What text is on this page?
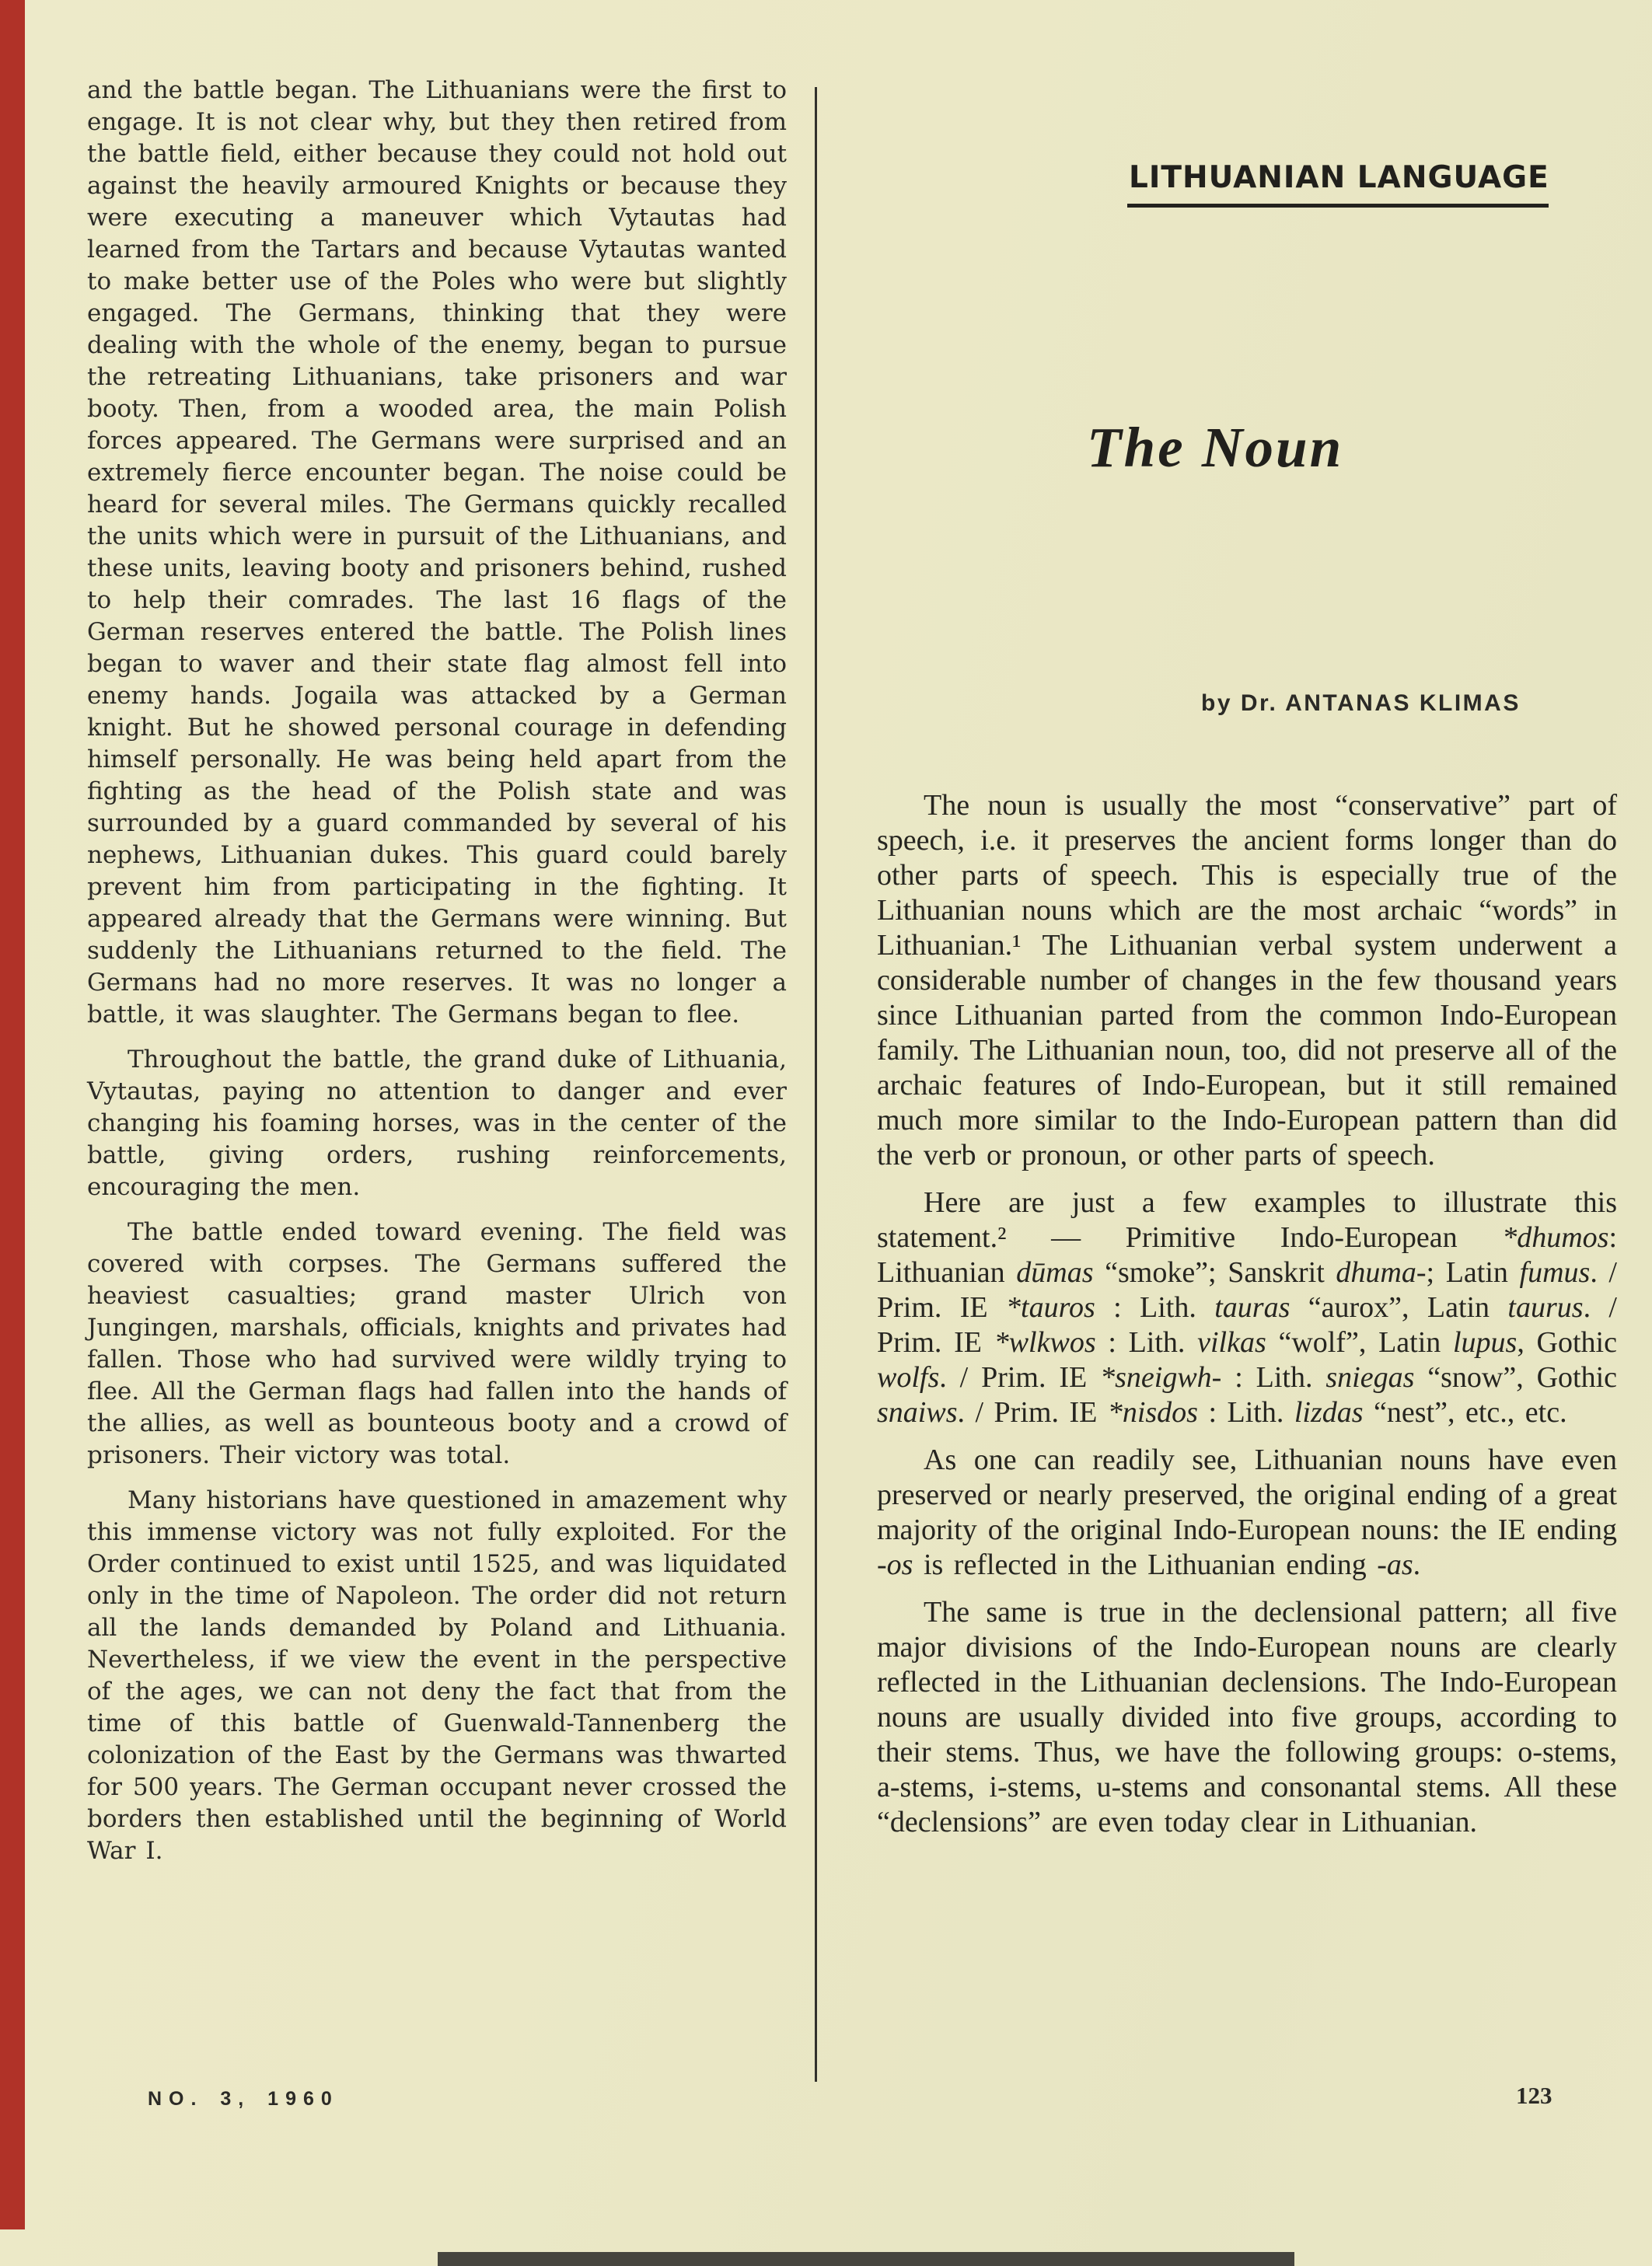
and the battle began. The Lithuanians were the first to engage. It is not clear why, but they then retired from the battle field, either because they could not hold out against the heavily armoured Knights or because they were executing a maneuver which Vytautas had learned from the Tartars and because Vytautas wanted to make better use of the Poles who were but slightly engaged. The Germans, thinking that they were dealing with the whole of the enemy, began to pursue the retreating Lithuanians, take prisoners and war booty. Then, from a wooded area, the main Polish forces appeared. The Germans were surprised and an extremely fierce encounter began. The noise could be heard for several miles. The Germans quickly recalled the units which were in pursuit of the Lithuanians, and these units, leaving booty and prisoners behind, rushed to help their comrades. The last 16 flags of the German reserves entered the battle. The Polish lines began to waver and their state flag almost fell into enemy hands. Jogaila was attacked by a German knight. But he showed personal courage in defending himself personally. He was being held apart from the fighting as the head of the Polish state and was surrounded by a guard commanded by several of his nephews, Lithuanian dukes. This guard could barely prevent him from participating in the fighting. It appeared already that the Germans were winning. But suddenly the Lithuanians returned to the field. The Germans had no more reserves. It was no longer a battle, it was slaughter. The Germans began to flee.

Throughout the battle, the grand duke of Lithuania, Vytautas, paying no attention to danger and ever changing his foaming horses, was in the center of the battle, giving orders, rushing reinforcements, encouraging the men.

The battle ended toward evening. The field was covered with corpses. The Germans suffered the heaviest casualties; grand master Ulrich von Jungingen, marshals, officials, knights and privates had fallen. Those who had survived were wildly trying to flee. All the German flags had fallen into the hands of the allies, as well as bounteous booty and a crowd of prisoners. Their victory was total.

Many historians have questioned in amazement why this immense victory was not fully exploited. For the Order continued to exist until 1525, and was liquidated only in the time of Napoleon. The order did not return all the lands demanded by Poland and Lithuania. Nevertheless, if we view the event in the perspective of the ages, we can not deny the fact that from the time of this battle of Guenwald-Tannenberg the colonization of the East by the Germans was thwarted for 500 years. The German occupant never crossed the borders then established until the beginning of World War I.

NO. 3, 1960
LITHUANIAN LANGUAGE
The Noun
by Dr. ANTANAS KLIMAS

The noun is usually the most “conservative” part of speech, i.e. it preserves the ancient forms longer than do other parts of speech. This is especially true of the Lithuanian nouns which are the most archaic “words” in Lithuanian.¹ The Lithuanian verbal system underwent a considerable number of changes in the few thousand years since Lithuanian parted from the common Indo-European family. The Lithuanian noun, too, did not preserve all of the archaic features of Indo-European, but it still remained much more similar to the Indo-European pattern than did the verb or pronoun, or other parts of speech.

Here are just a few examples to illustrate this statement.² — Primitive Indo-European *dhumos: Lithuanian dūmas “smoke”; Sanskrit dhuma-; Latin fumus. / Prim. IE *tauros : Lith. tauras “aurox”, Latin taurus. / Prim. IE *wlkwos : Lith. vilkas “wolf”, Latin lupus, Gothic wolfs. / Prim. IE *sneigwh- : Lith. sniegas “snow”, Gothic snaiws. / Prim. IE *nisdos : Lith. lizdas “nest”, etc., etc.

As one can readily see, Lithuanian nouns have even preserved or nearly preserved, the original ending of a great majority of the original Indo-European nouns: the IE ending -os is reflected in the Lithuanian ending -as.

The same is true in the declensional pattern; all five major divisions of the Indo-European nouns are clearly reflected in the Lithuanian declensions. The Indo-European nouns are usually divided into five groups, according to their stems. Thus, we have the following groups: o-stems, a-stems, i-stems, u-stems and consonantal stems. All these “declensions” are even today clear in Lithuanian.

123
